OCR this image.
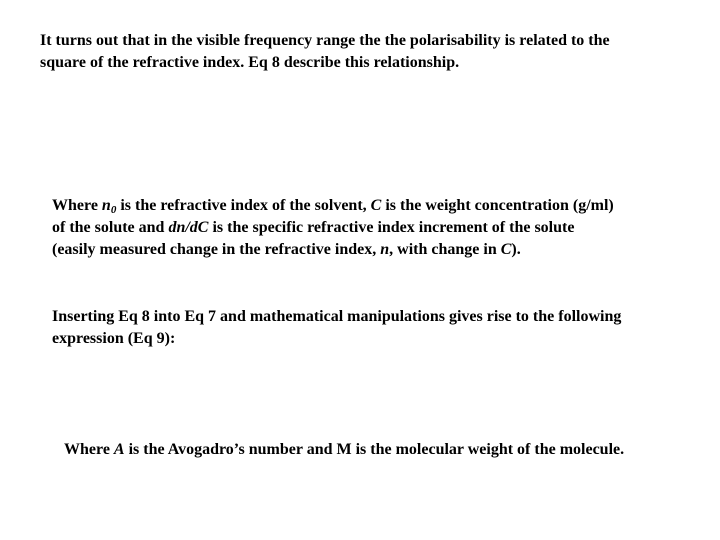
It turns out that in the visible frequency range the the polarisability is related to the
square of the refractive index. Eq 8 describe this relationship.

Where $n_0$ is the refractive index of the solvent, C is the weight concentration (g/ml)
of the solute and dn/dC is the specific refractive index increment of the solute
(easily measured change in the refractive index, n, with change in C).

Inserting Eq 8 into Eq 7 and mathematical manipulations gives rise to the following
expression (Eq 9):

Where A is the Avogadro’s number and M is the molecular weight of the molecule.
